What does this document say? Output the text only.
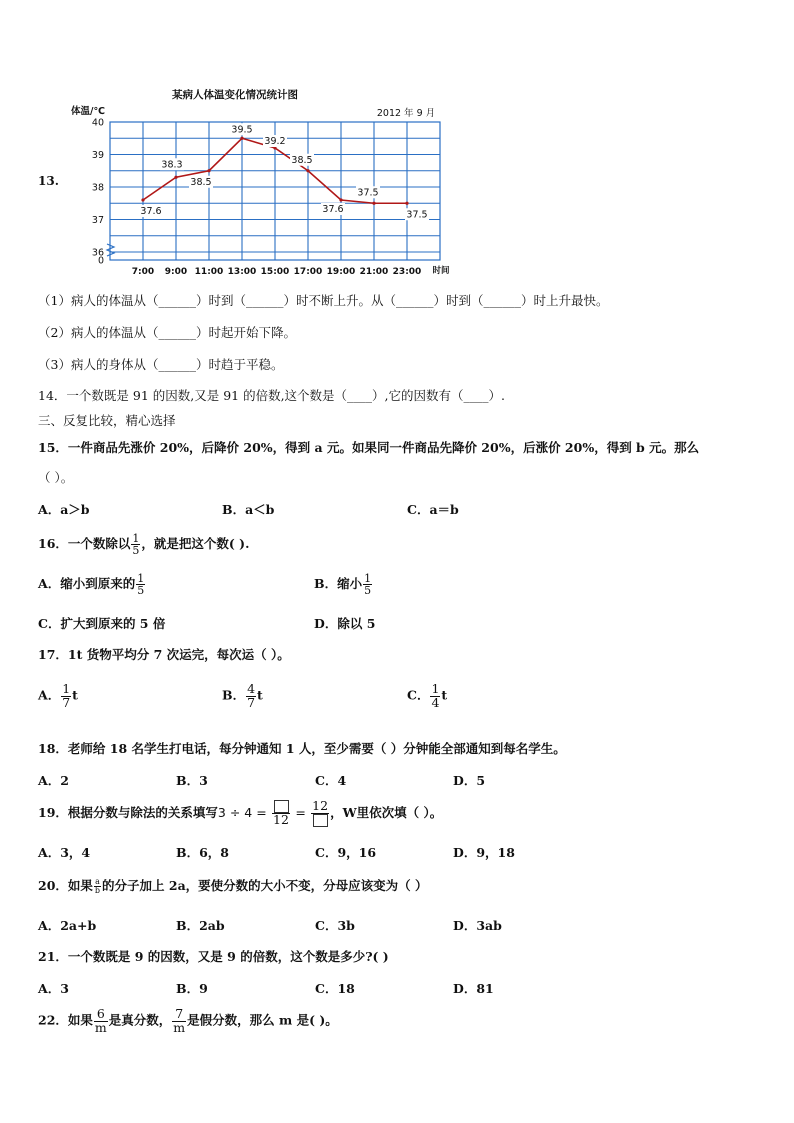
13.
某病人体温变化情况统计图
2012 年 9 月
体温/℃
时间
40
39
38
37
36
0
7:00 9:00 11:00 13:00 15:00 17:00 19:00 21:00 23:00
37.6
38.3
38.5
39.5
39.2
38.5
37.6
37.5
37.5
（1）病人的体温从（______）时到（______）时不断上升。从（______）时到（______）时上升最快。
（2）病人的体温从（______）时起开始下降。
（3）病人的身体从（______）时趋于平稳。
14．一个数既是 91 的因数,又是 91 的倍数,这个数是（____）,它的因数有（____）.
三、反复比较，精心选择
15．一件商品先涨价 20%，后降价 20%，得到 a 元。如果同一件商品先降价 20%，后涨价 20%，得到 b 元。那么
（ ）。
A．a＞b	B．a＜b	C．a＝b
16．一个数除以 $\frac{1}{5}$ ，就是把这个数( ).
A．缩小到原来的 $\frac{1}{5}$	B．缩小 $\frac{1}{5}$
C．扩大到原来的 5 倍	D．除以 5
17．1t 货物平均分 7 次运完，每次运（ ）。
A． $\frac{1}{7}$ t	B． $\frac{4}{7}$ t	C． $\frac{1}{4}$ t
18．老师给 18 名学生打电话，每分钟通知 1 人，至少需要（ ）分钟能全部通知到每名学生。
A．2	B．3	C．4	D．5
19．根据分数与除法的关系填写3 ÷ 4 = 12 = 12 ，W里依次填（ ）。
A．3，4	B．6，8	C．9，16	D．9，18
20．如果 $\frac{a}{b}$ 的分子加上 2a，要使分数的大小不变，分母应该变为（ ）
A．2a+b	B．2ab	C．3b	D．3ab
21．一个数既是 9 的因数，又是 9 的倍数，这个数是多少?( )
A．3	B．9	C．18	D．81
22．如果 $\frac{6}{m}$ 是真分数， $\frac{7}{m}$ 是假分数，那么 m 是( )。
